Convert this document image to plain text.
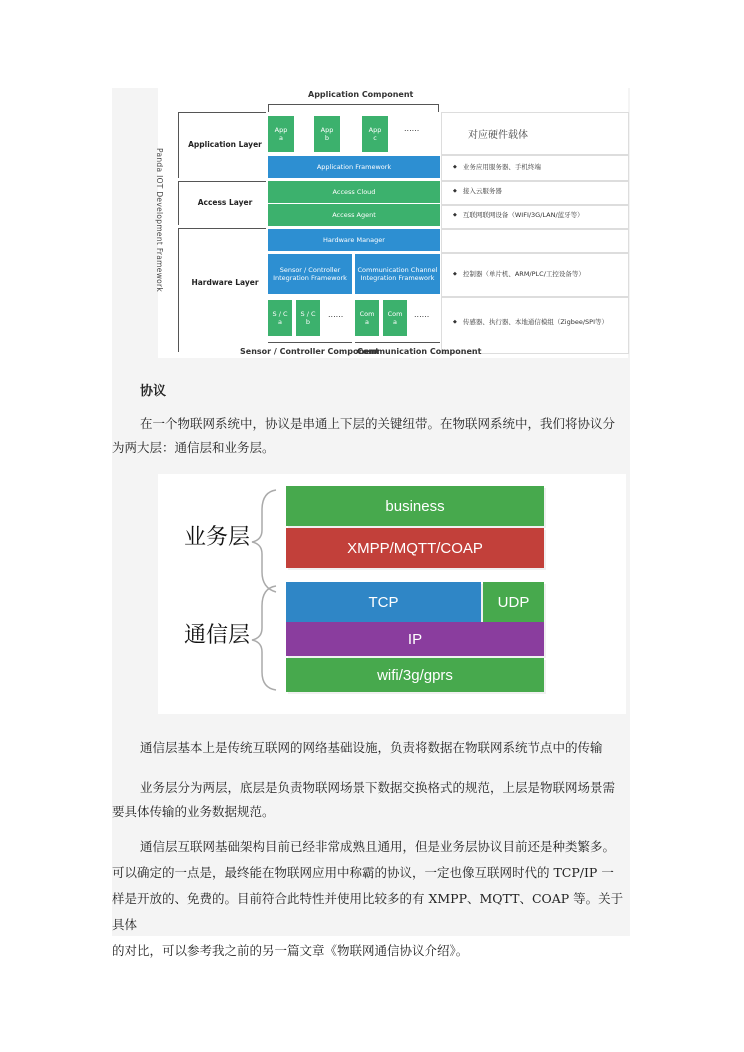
Application Component
Panda IOT Development Framework
Application Layer
Access Layer
Hardware Layer
App
a
App
b
App
c
......
Application Framework
Access Cloud
Access Agent
Hardware Manager
Sensor / Controller
Integration Framework
Communication Channel
Integration Framework
S / C
a
S / C
b
......	Com
a
Com
a
......
对应硬件载体
◆ 业务应用服务器、手机终端
◆ 接入云服务器
◆ 互联网联网设备（WIFI/3G/LAN/蓝牙等）
◆ 控制器（单片机、ARM/PLC/工控设备等）
◆ 传感器、执行器、本地通信模组（Zigbee/SPI等）
Sensor / Controller Component
Communication Component
协议
在一个物联网系统中，协议是串通上下层的关键纽带。在物联网系统中，我们将协议分
为两大层：通信层和业务层。
业务层
通信层
business
XMPP/MQTT/COAP
TCP	UDP
IP
wifi/3g/gprs
通信层基本上是传统互联网的网络基础设施，负责将数据在物联网系统节点中的传输
业务层分为两层，底层是负责物联网场景下数据交换格式的规范，上层是物联网场景需
要具体传输的业务数据规范。
通信层互联网基础架构目前已经非常成熟且通用，但是业务层协议目前还是种类繁多。
可以确定的一点是，最终能在物联网应用中称霸的协议，一定也像互联网时代的 TCP/IP 一
样是开放的、免费的。目前符合此特性并使用比较多的有 XMPP、MQTT、COAP 等。关于具体
的对比，可以参考我之前的另一篇文章《物联网通信协议介绍》。
